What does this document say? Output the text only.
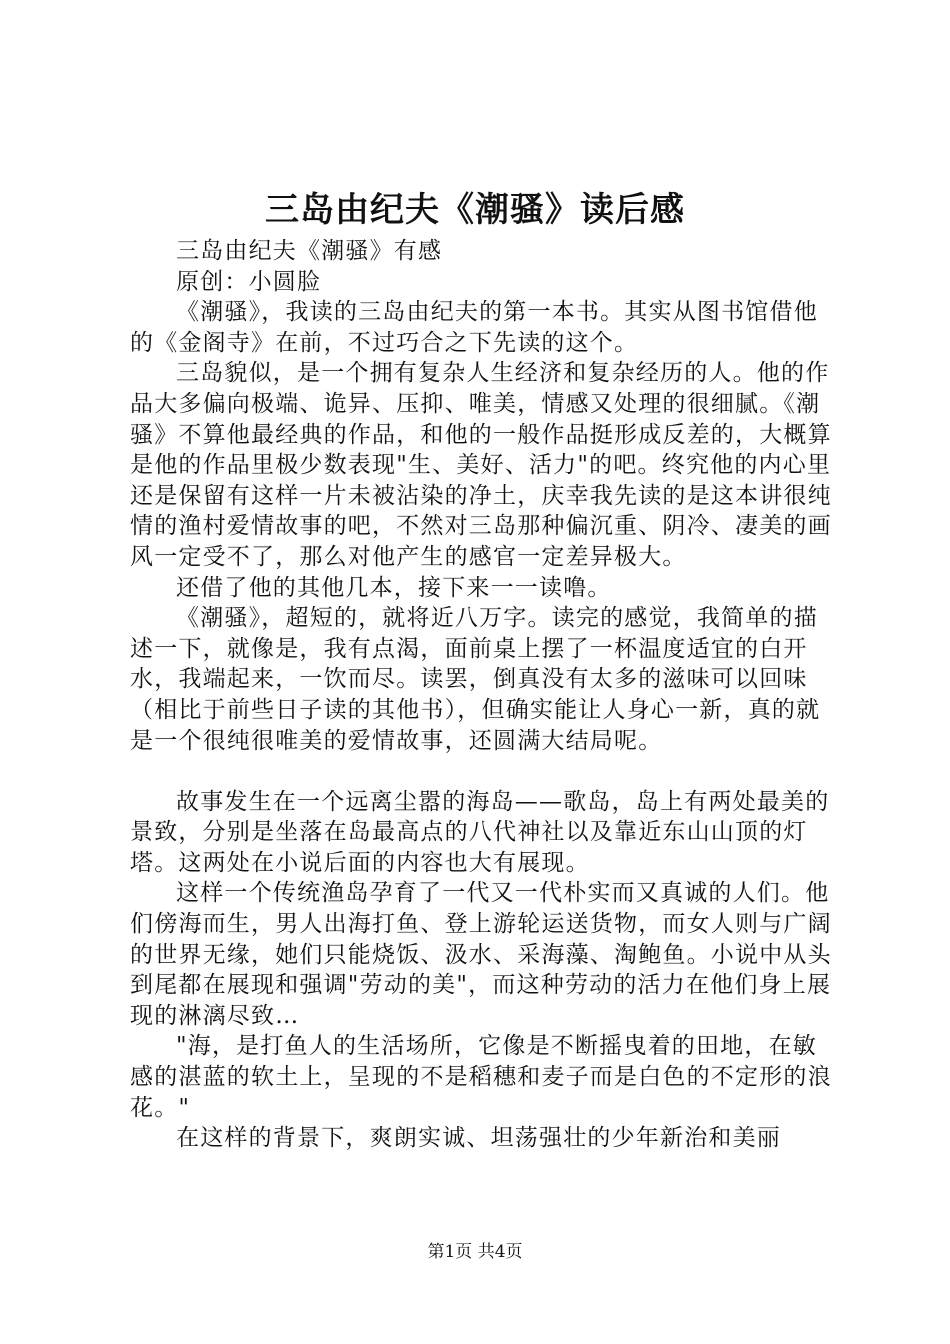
三岛由纪夫《潮骚》读后感

三岛由纪夫《潮骚》有感

原创：小圆脸

《潮骚》，我读的三岛由纪夫的第一本书。其实从图书馆借他的《金阁寺》在前，不过巧合之下先读的这个。

三岛貌似，是一个拥有复杂人生经济和复杂经历的人。他的作品大多偏向极端、诡异、压抑、唯美，情感又处理的很细腻。《潮骚》不算他最经典的作品，和他的一般作品挺形成反差的，大概算是他的作品里极少数表现"生、美好、活力"的吧。终究他的内心里还是保留有这样一片未被沾染的净土，庆幸我先读的是这本讲很纯情的渔村爱情故事的吧，不然对三岛那种偏沉重、阴冷、凄美的画风一定受不了，那么对他产生的感官一定差异极大。

还借了他的其他几本，接下来一一读噜。

《潮骚》，超短的，就将近八万字。读完的感觉，我简单的描述一下，就像是，我有点渴，面前桌上摆了一杯温度适宜的白开水，我端起来，一饮而尽。读罢，倒真没有太多的滋味可以回味（相比于前些日子读的其他书），但确实能让人身心一新，真的就是一个很纯很唯美的爱情故事，还圆满大结局呢。

故事发生在一个远离尘嚣的海岛——歌岛，岛上有两处最美的景致，分别是坐落在岛最高点的八代神社以及靠近东山山顶的灯塔。这两处在小说后面的内容也大有展现。

这样一个传统渔岛孕育了一代又一代朴实而又真诚的人们。他们傍海而生，男人出海打鱼、登上游轮运送货物，而女人则与广阔的世界无缘，她们只能烧饭、汲水、采海藻、淘鲍鱼。小说中从头到尾都在展现和强调"劳动的美"，而这种劳动的活力在他们身上展现的淋漓尽致…

"海，是打鱼人的生活场所，它像是不断摇曳着的田地，在敏感的湛蓝的软土上，呈现的不是稻穗和麦子而是白色的不定形的浪花。"

在这样的背景下，爽朗实诚、坦荡强壮的少年新治和美丽

第1页 共4页
